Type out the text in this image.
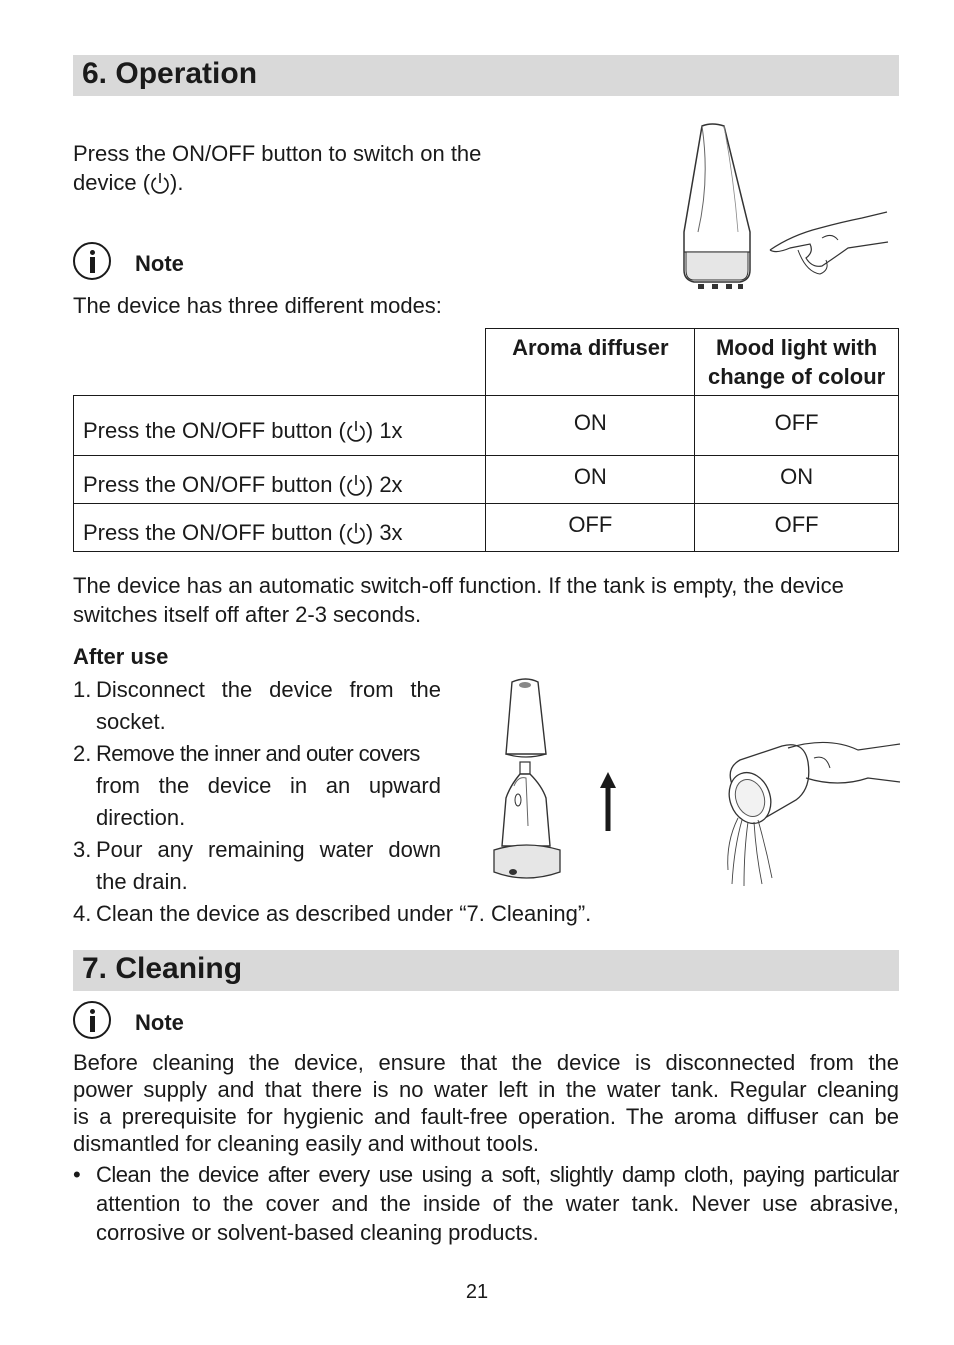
6. Operation
Press the ON/OFF button to switch on the
device ( ).
Note
The device has three different modes:
	Aroma diffuser	Mood light with
change of colour

Press the ON/OFF button ( ) 1x	ON	OFF
Press the ON/OFF button ( ) 2x	ON	ON
Press the ON/OFF button ( ) 3x	OFF	OFF
The device has an automatic switch-off function. If the tank is empty, the device
switches itself off after 2-3 seconds.
After use
1. Disconnect the device from the
socket.
2. Remove the inner and outer covers
from the device in an upward
direction.
3. Pour any remaining water down
the drain.
4. Clean the device as described under “7. Cleaning”.
7. Cleaning
Note
Before cleaning the device, ensure that the device is disconnected from the
power supply and that there is no water left in the water tank. Regular cleaning
is a prerequisite for hygienic and fault-free operation. The aroma diffuser can be
dismantled for cleaning easily and without tools.
• Clean the device after every use using a soft, slightly damp cloth, paying particular
attention to the cover and the inside of the water tank. Never use abrasive,
corrosive or solvent-based cleaning products.
21
